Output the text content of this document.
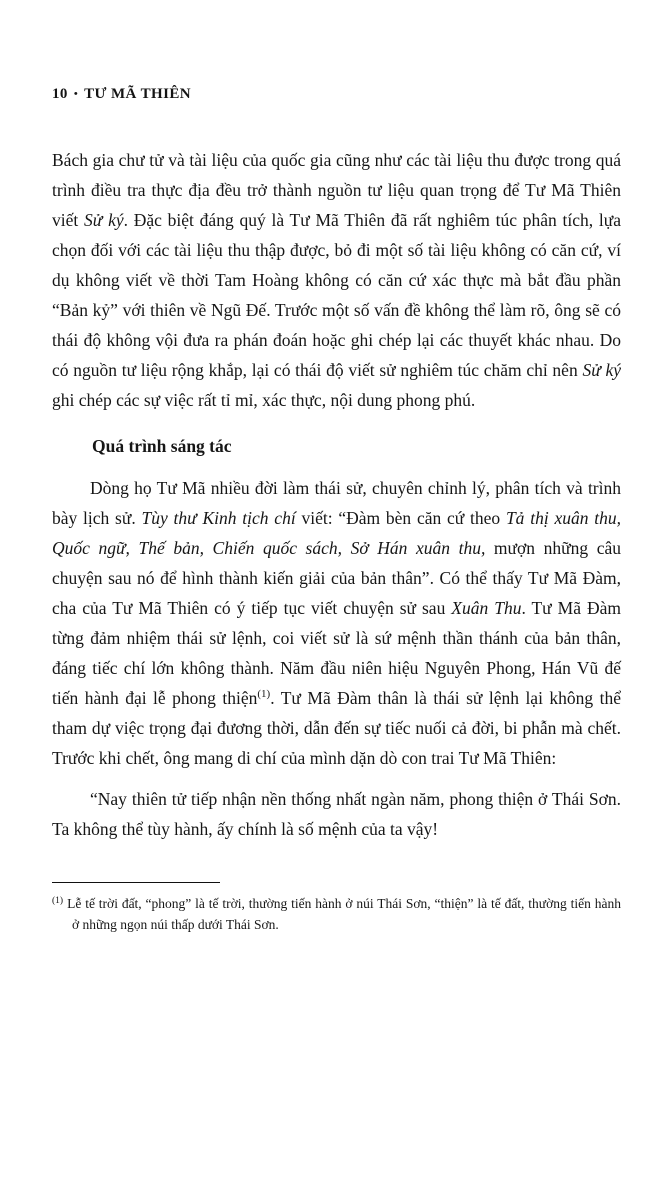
10 • TƯ MÃ THIÊN

Bách gia chư tử và tài liệu của quốc gia cũng như các tài liệu thu được trong quá trình điều tra thực địa đều trở thành nguồn tư liệu quan trọng để Tư Mã Thiên viết Sử ký. Đặc biệt đáng quý là Tư Mã Thiên đã rất nghiêm túc phân tích, lựa chọn đối với các tài liệu thu thập được, bỏ đi một số tài liệu không có căn cứ, ví dụ không viết về thời Tam Hoàng không có căn cứ xác thực mà bắt đầu phần “Bản kỷ” với thiên về Ngũ Đế. Trước một số vấn đề không thể làm rõ, ông sẽ có thái độ không vội đưa ra phán đoán hoặc ghi chép lại các thuyết khác nhau. Do có nguồn tư liệu rộng khắp, lại có thái độ viết sử nghiêm túc chăm chỉ nên Sử ký ghi chép các sự việc rất tỉ mỉ, xác thực, nội dung phong phú.

Quá trình sáng tác

Dòng họ Tư Mã nhiều đời làm thái sử, chuyên chỉnh lý, phân tích và trình bày lịch sử. Tùy thư Kinh tịch chí viết: “Đàm bèn căn cứ theo Tả thị xuân thu, Quốc ngữ, Thế bản, Chiến quốc sách, Sở Hán xuân thu, mượn những câu chuyện sau nó để hình thành kiến giải của bản thân”. Có thể thấy Tư Mã Đàm, cha của Tư Mã Thiên có ý tiếp tục viết chuyện sử sau Xuân Thu. Tư Mã Đàm từng đảm nhiệm thái sử lệnh, coi viết sử là sứ mệnh thần thánh của bản thân, đáng tiếc chí lớn không thành. Năm đầu niên hiệu Nguyên Phong, Hán Vũ đế tiến hành đại lễ phong thiện$^{(1)}$. Tư Mã Đàm thân là thái sử lệnh lại không thể tham dự việc trọng đại đương thời, dẫn đến sự tiếc nuối cả đời, bi phẫn mà chết. Trước khi chết, ông mang di chí của mình dặn dò con trai Tư Mã Thiên:

“Nay thiên tử tiếp nhận nền thống nhất ngàn năm, phong thiện ở Thái Sơn. Ta không thể tùy hành, ấy chính là số mệnh của ta vậy!

$^{(1)}$ Lễ tế trời đất, “phong” là tế trời, thường tiến hành ở núi Thái Sơn, “thiện” là tế đất, thường tiến hành ở những ngọn núi thấp dưới Thái Sơn.
